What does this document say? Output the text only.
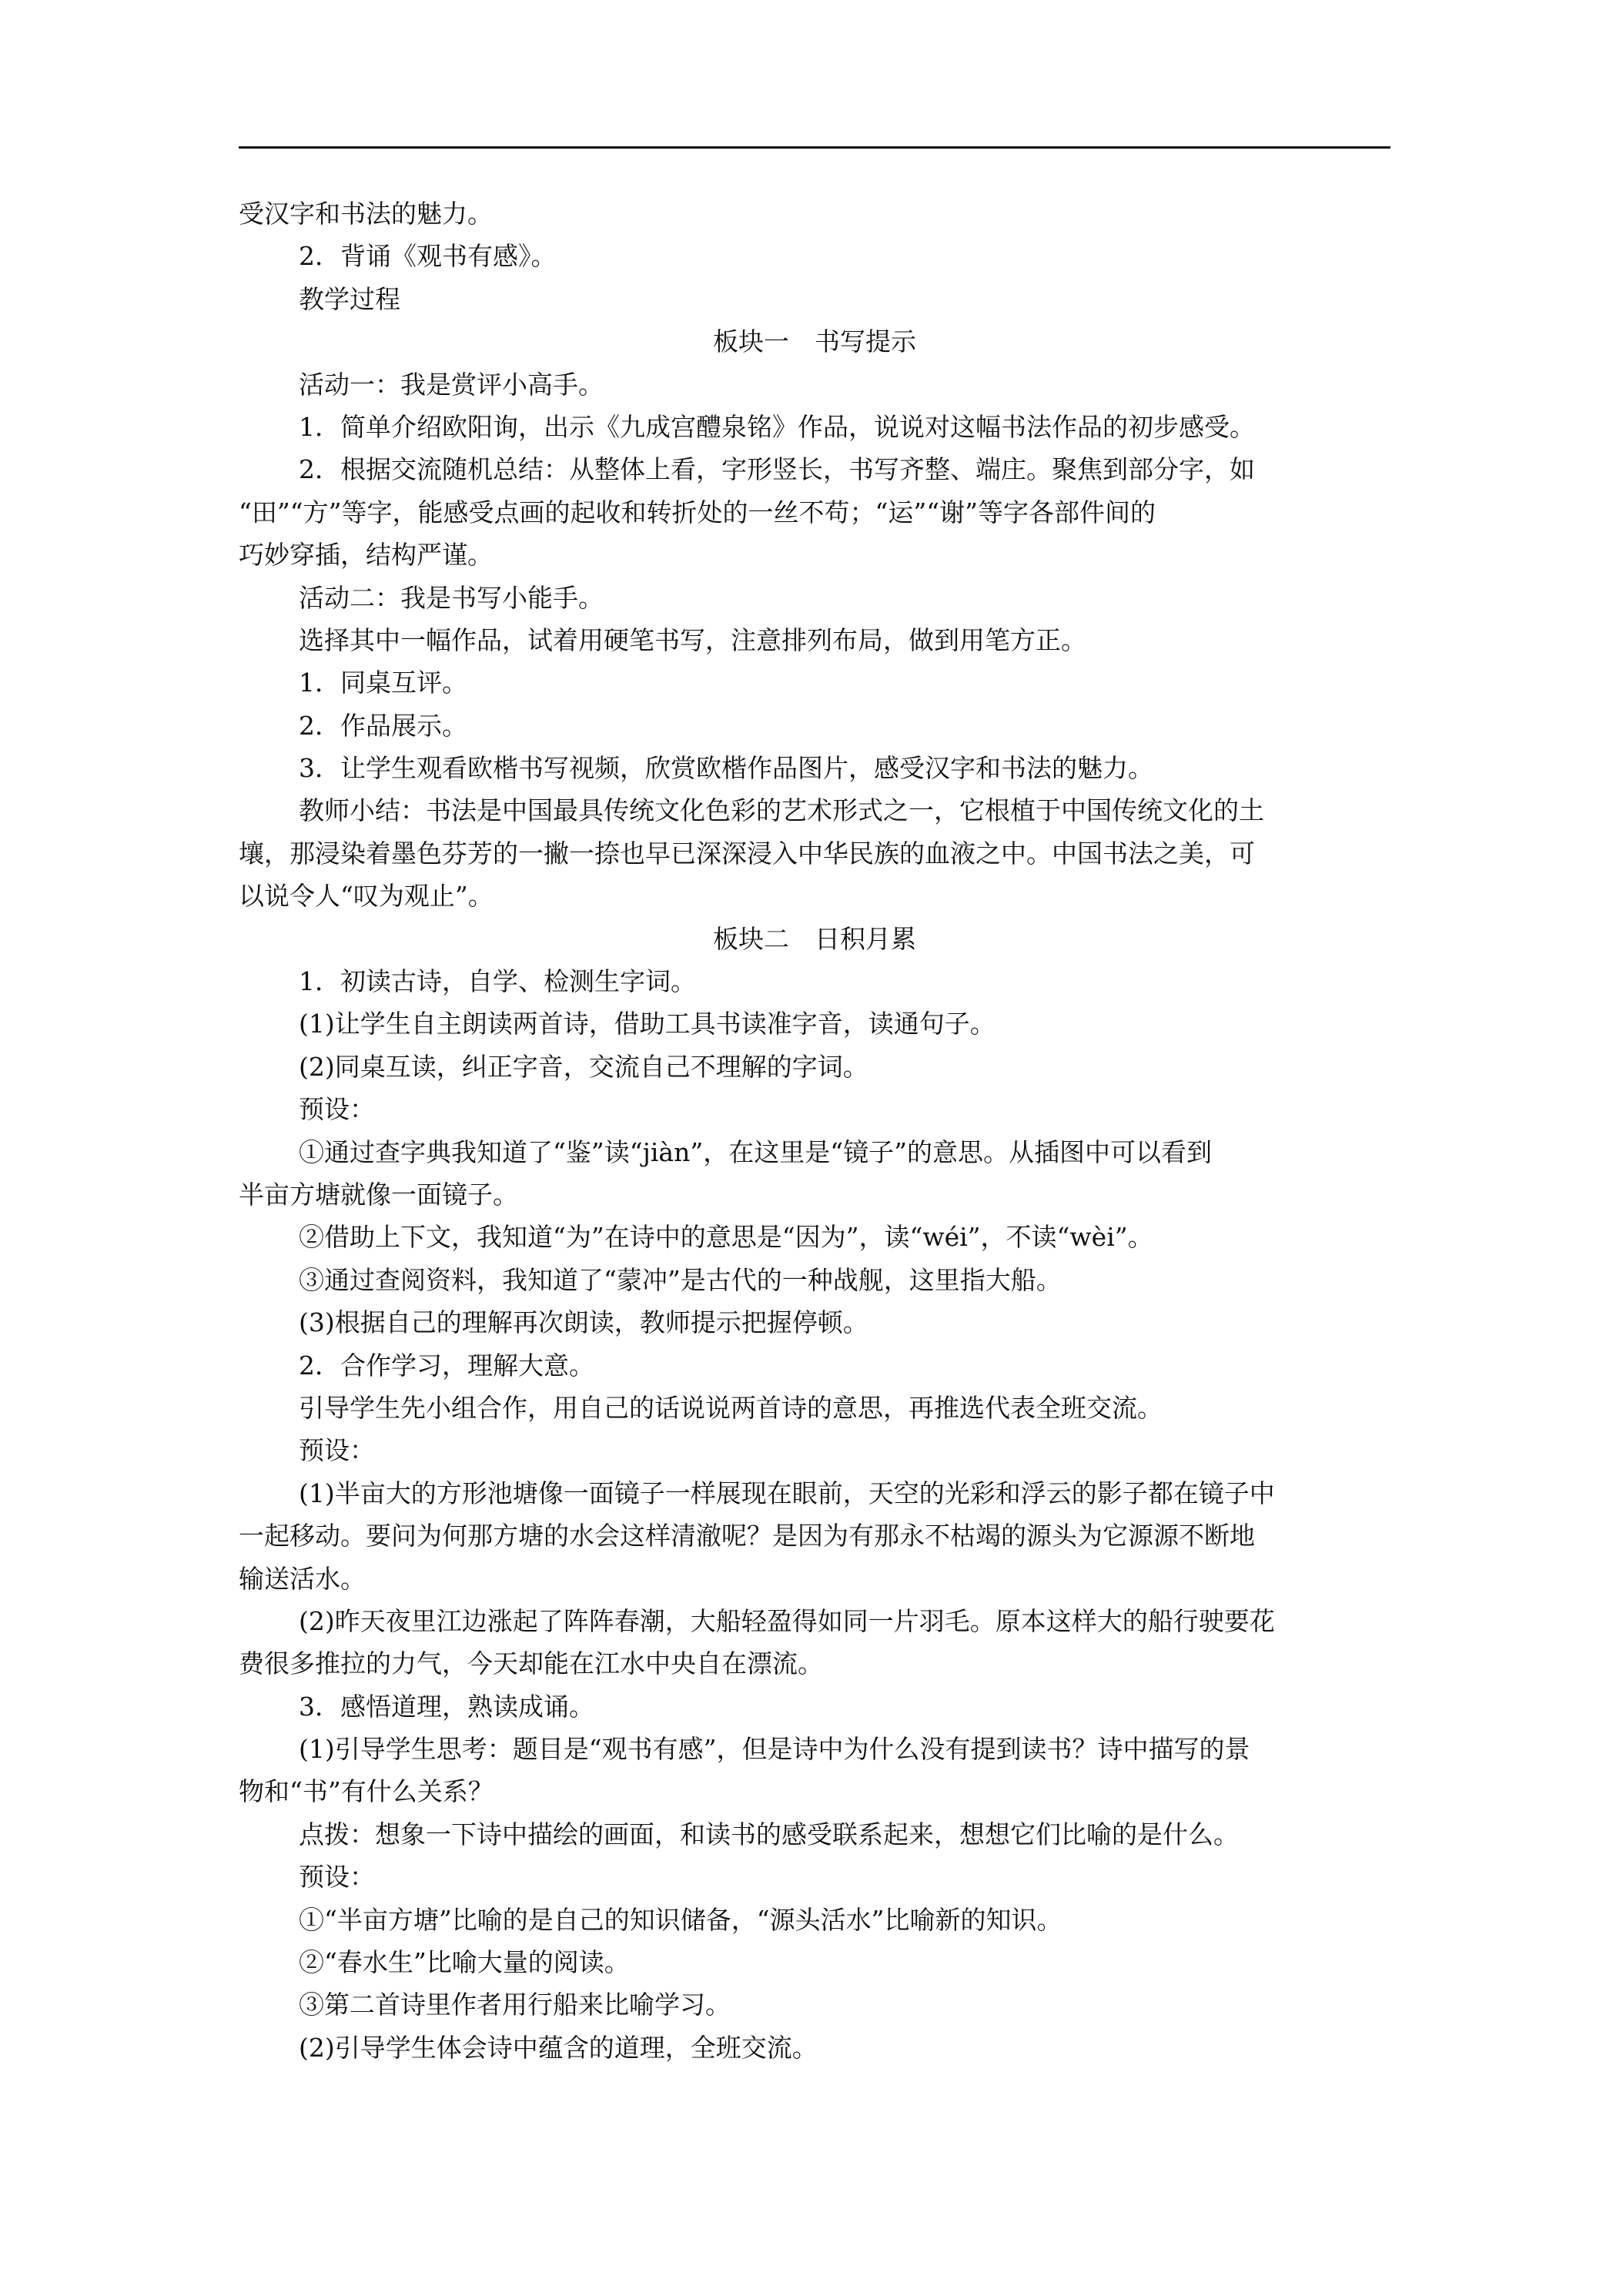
受汉字和书法的魅力。
2．背诵《观书有感》。
教学过程
板块一　书写提示
活动一：我是赏评小高手。
1．简单介绍欧阳询，出示《九成宫醴泉铭》作品，说说对这幅书法作品的初步感受。
2．根据交流随机总结：从整体上看，字形竖长，书写齐整、端庄。聚焦到部分字，如
“田”“方”等字，能感受点画的起收和转折处的一丝不苟；“运”“谢”等字各部件间的
巧妙穿插，结构严谨。
活动二：我是书写小能手。
选择其中一幅作品，试着用硬笔书写，注意排列布局，做到用笔方正。
1．同桌互评。
2．作品展示。
3．让学生观看欧楷书写视频，欣赏欧楷作品图片，感受汉字和书法的魅力。
教师小结：书法是中国最具传统文化色彩的艺术形式之一，它根植于中国传统文化的土
壤，那浸染着墨色芬芳的一撇一捺也早已深深浸入中华民族的血液之中。中国书法之美，可
以说令人“叹为观止”。
板块二　日积月累
1．初读古诗，自学、检测生字词。
(1)让学生自主朗读两首诗，借助工具书读准字音，读通句子。
(2)同桌互读，纠正字音，交流自己不理解的字词。
预设：
①通过查字典我知道了“鉴”读“jiàn”，在这里是“镜子”的意思。从插图中可以看到
半亩方塘就像一面镜子。
②借助上下文，我知道“为”在诗中的意思是“因为”，读“wéi”，不读“wèi”。
③通过查阅资料，我知道了“蒙冲”是古代的一种战舰，这里指大船。
(3)根据自己的理解再次朗读，教师提示把握停顿。
2．合作学习，理解大意。
引导学生先小组合作，用自己的话说说两首诗的意思，再推选代表全班交流。
预设：
(1)半亩大的方形池塘像一面镜子一样展现在眼前，天空的光彩和浮云的影子都在镜子中
一起移动。要问为何那方塘的水会这样清澈呢？是因为有那永不枯竭的源头为它源源不断地
输送活水。
(2)昨天夜里江边涨起了阵阵春潮，大船轻盈得如同一片羽毛。原本这样大的船行驶要花
费很多推拉的力气，今天却能在江水中央自在漂流。
3．感悟道理，熟读成诵。
(1)引导学生思考：题目是“观书有感”，但是诗中为什么没有提到读书？诗中描写的景
物和“书”有什么关系？
点拨：想象一下诗中描绘的画面，和读书的感受联系起来，想想它们比喻的是什么。
预设：
①“半亩方塘”比喻的是自己的知识储备，“源头活水”比喻新的知识。
②“春水生”比喻大量的阅读。
③第二首诗里作者用行船来比喻学习。
(2)引导学生体会诗中蕴含的道理，全班交流。
